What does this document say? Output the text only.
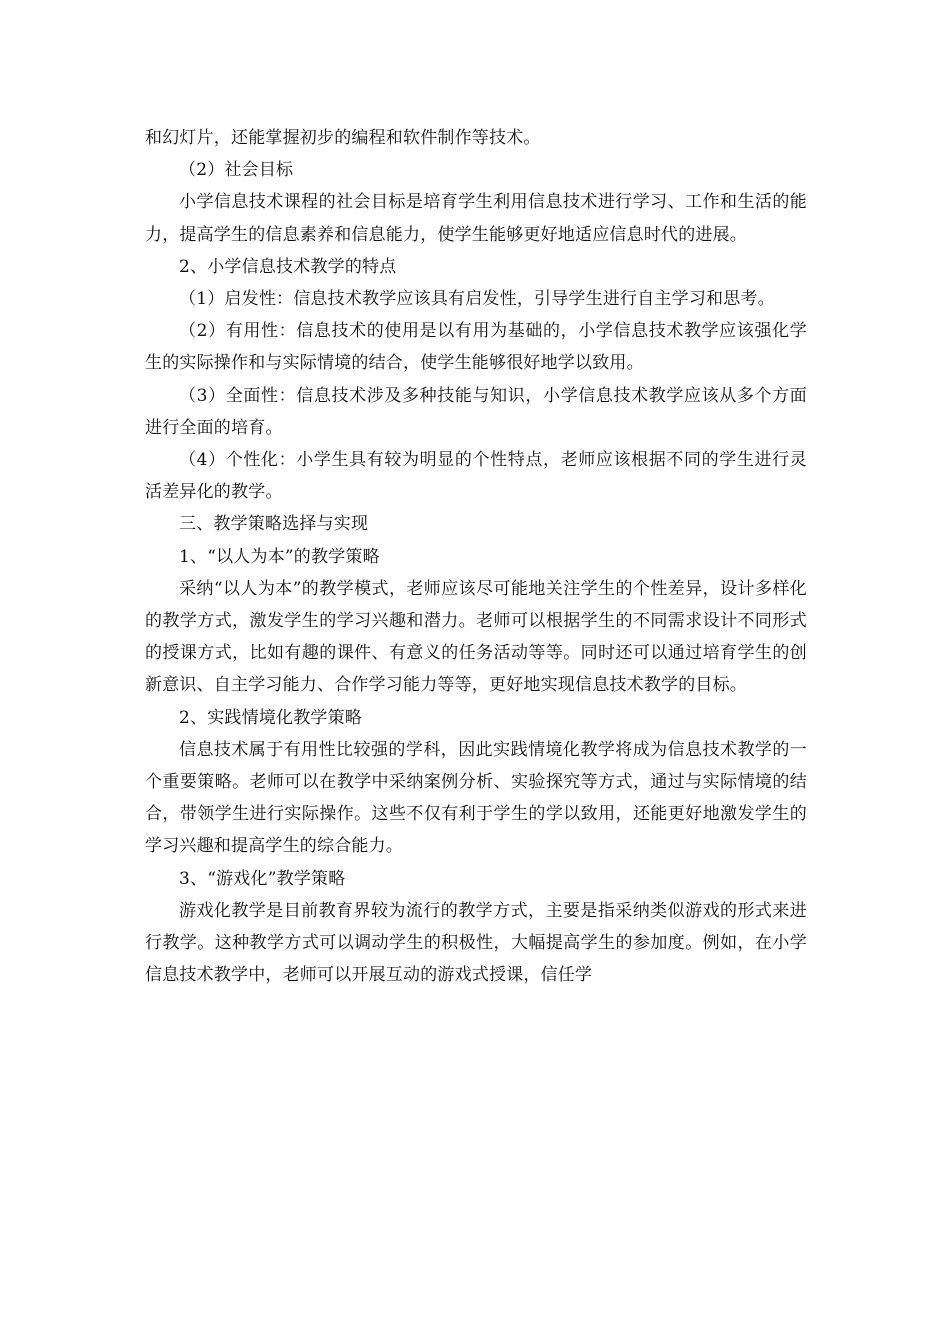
和幻灯片，还能掌握初步的编程和软件制作等技术。

（2）社会目标

小学信息技术课程的社会目标是培育学生利用信息技术进行学习、工作和生活的能力，提高学生的信息素养和信息能力，使学生能够更好地适应信息时代的进展。

2、小学信息技术教学的特点

（1）启发性：信息技术教学应该具有启发性，引导学生进行自主学习和思考。

（2）有用性：信息技术的使用是以有用为基础的，小学信息技术教学应该强化学生的实际操作和与实际情境的结合，使学生能够很好地学以致用。

（3）全面性：信息技术涉及多种技能与知识，小学信息技术教学应该从多个方面进行全面的培育。

（4）个性化：小学生具有较为明显的个性特点，老师应该根据不同的学生进行灵活差异化的教学。

三、教学策略选择与实现

1、“以人为本”的教学策略

采纳“以人为本”的教学模式，老师应该尽可能地关注学生的个性差异，设计多样化的教学方式，激发学生的学习兴趣和潜力。老师可以根据学生的不同需求设计不同形式的授课方式，比如有趣的课件、有意义的任务活动等等。同时还可以通过培育学生的创新意识、自主学习能力、合作学习能力等等，更好地实现信息技术教学的目标。

2、实践情境化教学策略

信息技术属于有用性比较强的学科，因此实践情境化教学将成为信息技术教学的一个重要策略。老师可以在教学中采纳案例分析、实验探究等方式，通过与实际情境的结合，带领学生进行实际操作。这些不仅有利于学生的学以致用，还能更好地激发学生的学习兴趣和提高学生的综合能力。

3、“游戏化”教学策略

游戏化教学是目前教育界较为流行的教学方式，主要是指采纳类似游戏的形式来进行教学。这种教学方式可以调动学生的积极性，大幅提高学生的参加度。例如，在小学信息技术教学中，老师可以开展互动的游戏式授课，信任学
